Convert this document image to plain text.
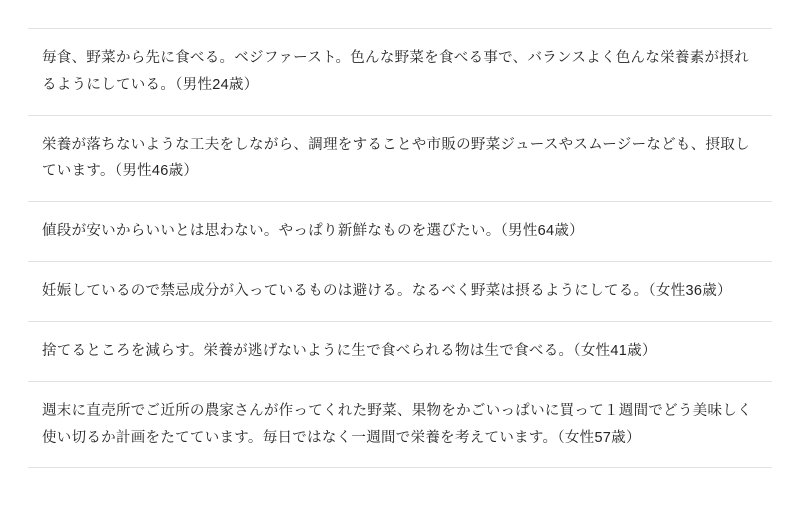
毎食、野菜から先に食べる。ベジファースト。色んな野菜を食べる事で、バランスよく色んな栄養素が摂れるようにしている。（男性24歳）
栄養が落ちないような工夫をしながら、調理をすることや市販の野菜ジュースやスムージーなども、摂取しています。（男性46歳）
値段が安いからいいとは思わない。やっぱり新鮮なものを選びたい。（男性64歳）
妊娠しているので禁忌成分が入っているものは避ける。なるべく野菜は摂るようにしてる。（女性36歳）
捨てるところを減らす。栄養が逃げないように生で食べられる物は生で食べる。（女性41歳）
週末に直売所でご近所の農家さんが作ってくれた野菜、果物をかごいっぱいに買って１週間でどう美味しく使い切るか計画をたてています。毎日ではなく一週間で栄養を考えています。（女性57歳）
